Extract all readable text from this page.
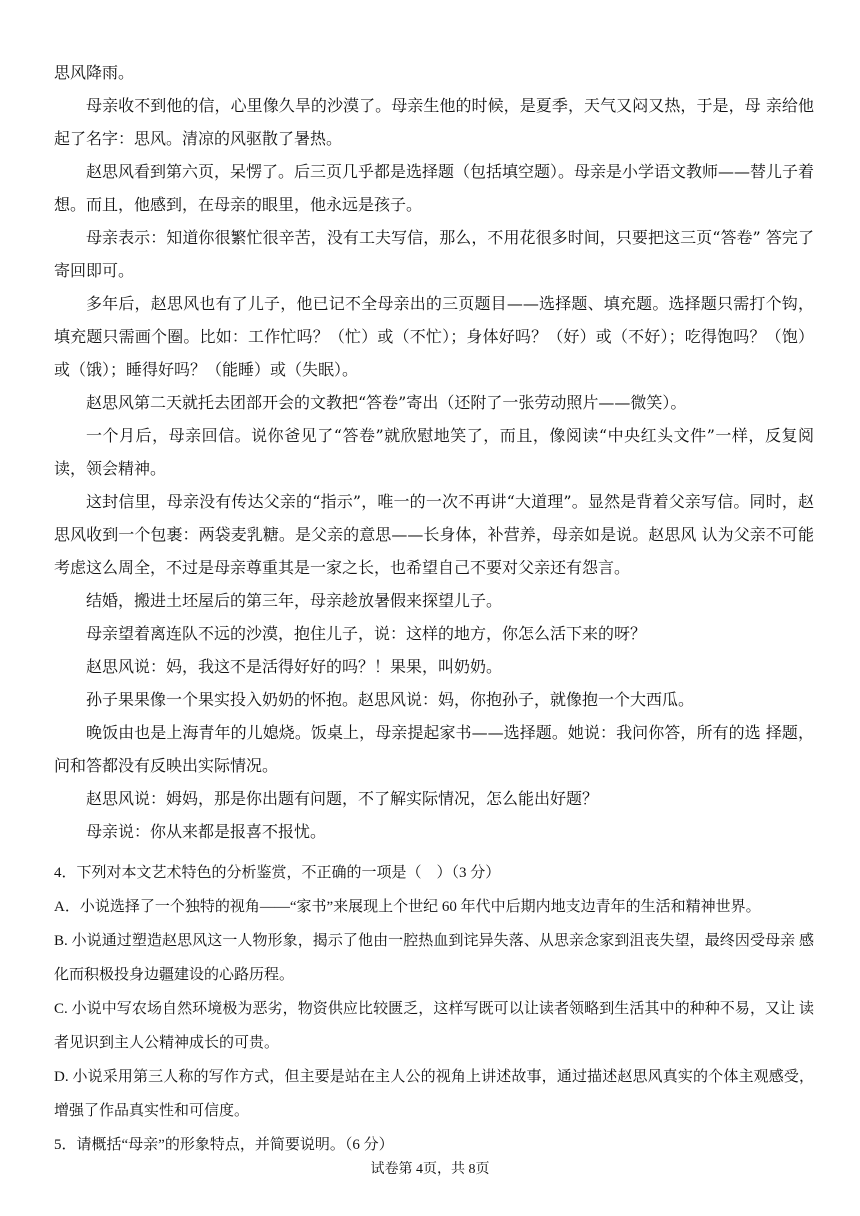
思风降雨。

母亲收不到他的信，心里像久旱的沙漠了。母亲生他的时候，是夏季，天气又闷又热，于是，母 亲给他起了名字：思风。清凉的风驱散了暑热。

赵思风看到第六页，呆愣了。后三页几乎都是选择题（包括填空题）。母亲是小学语文教师——替儿子着想。而且，他感到，在母亲的眼里，他永远是孩子。

母亲表示：知道你很繁忙很辛苦，没有工夫写信，那么，不用花很多时间，只要把这三页“答卷” 答完了寄回即可。

多年后，赵思风也有了儿子，他已记不全母亲出的三页题目——选择题、填充题。选择题只需打个钩，填充题只需画个圈。比如：工作忙吗？（忙）或（不忙）；身体好吗？（好）或（不好）；吃得饱吗？（饱）或（饿）；睡得好吗？（能睡）或（失眠）。

赵思风第二天就托去团部开会的文教把“答卷”寄出（还附了一张劳动照片——微笑）。

一个月后，母亲回信。说你爸见了“答卷”就欣慰地笑了，而且，像阅读“中央红头文件”一样，反复阅读，领会精神。

这封信里，母亲没有传达父亲的“指示”，唯一的一次不再讲“大道理”。显然是背着父亲写信。同时，赵思风收到一个包裹：两袋麦乳糖。是父亲的意思——长身体，补营养，母亲如是说。赵思风 认为父亲不可能考虑这么周全，不过是母亲尊重其是一家之长，也希望自己不要对父亲还有怨言。

结婚，搬进土坯屋后的第三年，母亲趁放暑假来探望儿子。

母亲望着离连队不远的沙漠，抱住儿子，说：这样的地方，你怎么活下来的呀？

赵思风说：妈，我这不是活得好好的吗？！果果，叫奶奶。

孙子果果像一个果实投入奶奶的怀抱。赵思风说：妈，你抱孙子，就像抱一个大西瓜。

晚饭由也是上海青年的儿媳烧。饭桌上，母亲提起家书——选择题。她说：我问你答，所有的选 择题，问和答都没有反映出实际情况。

赵思风说：姆妈，那是你出题有问题，不了解实际情况，怎么能出好题？

母亲说：你从来都是报喜不报忧。

4．下列对本文艺术特色的分析鉴赏，不正确的一项是（　）（3 分）

A．小说选择了一个独特的视角——“家书”来展现上个世纪 60 年代中后期内地支边青年的生活和精神世界。

B. 小说通过塑造赵思风这一人物形象，揭示了他由一腔热血到诧异失落、从思亲念家到沮丧失望，最终因受母亲 感化而积极投身边疆建设的心路历程。

C. 小说中写农场自然环境极为恶劣，物资供应比较匮乏，这样写既可以让读者领略到生活其中的种种不易，又让 读者见识到主人公精神成长的可贵。

D. 小说采用第三人称的写作方式，但主要是站在主人公的视角上讲述故事，通过描述赵思风真实的个体主观感受， 增强了作品真实性和可信度。

5．请概括“母亲”的形象特点，并简要说明。（6 分）

试卷第 4页，共 8页
